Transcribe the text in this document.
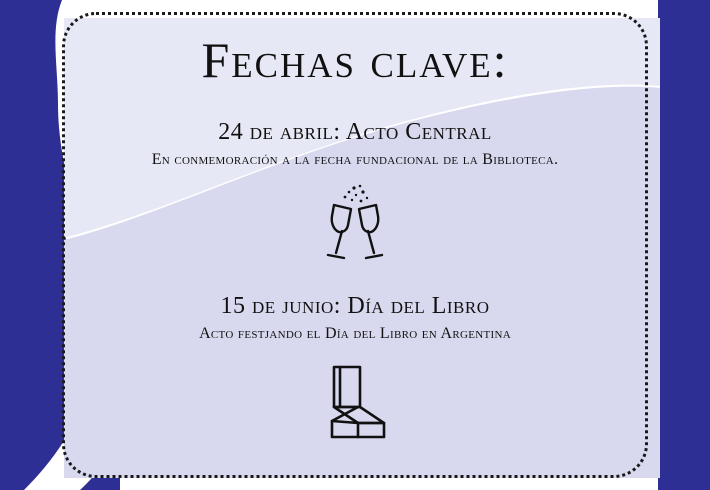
Fechas clave:

24 de abril: Acto Central

En conmemoración a la fecha fundacional de la Biblioteca.

15 de junio: Día del Libro

Acto festjando el Día del Libro en Argentina
